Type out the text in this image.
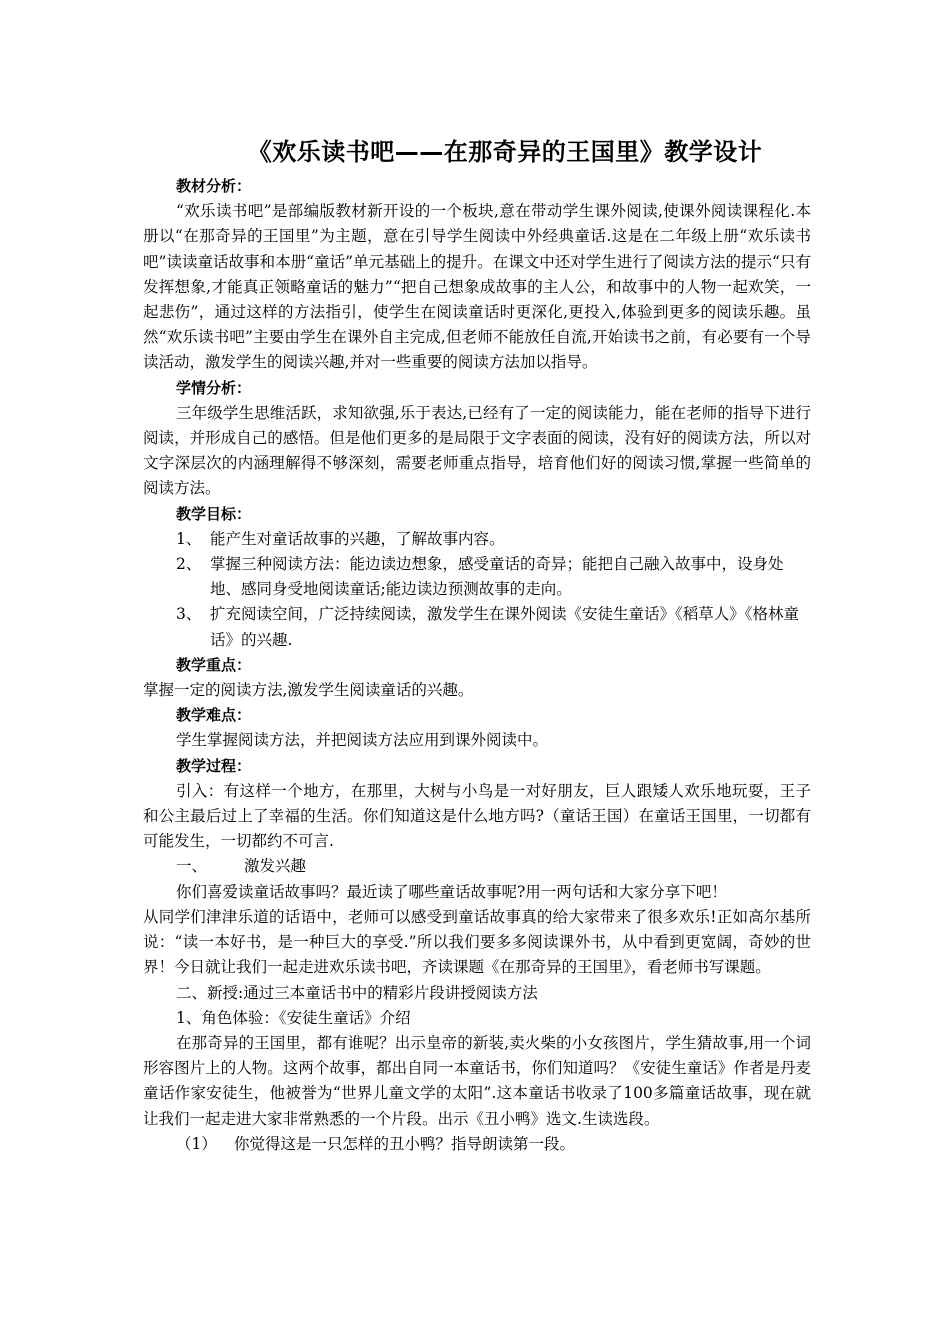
《欢乐读书吧——在那奇异的王国里》教学设计

教材分析：

“欢乐读书吧”是部编版教材新开设的一个板块,意在带动学生课外阅读,使课外阅读课程化.本册以“在那奇异的王国里”为主题，意在引导学生阅读中外经典童话.这是在二年级上册“欢乐读书吧”读读童话故事和本册“童话”单元基础上的提升。在课文中还对学生进行了阅读方法的提示“只有发挥想象,才能真正领略童话的魅力”“把自己想象成故事的主人公，和故事中的人物一起欢笑，一起悲伤”，通过这样的方法指引，使学生在阅读童话时更深化,更投入,体验到更多的阅读乐趣。虽然“欢乐读书吧”主要由学生在课外自主完成,但老师不能放任自流,开始读书之前，有必要有一个导读活动，激发学生的阅读兴趣,并对一些重要的阅读方法加以指导。

学情分析：

三年级学生思维活跃，求知欲强,乐于表达,已经有了一定的阅读能力，能在老师的指导下进行阅读，并形成自己的感悟。但是他们更多的是局限于文字表面的阅读，没有好的阅读方法，所以对文字深层次的内涵理解得不够深刻，需要老师重点指导，培育他们好的阅读习惯,掌握一些简单的阅读方法。

教学目标：

1、 能产生对童话故事的兴趣，了解故事内容。
2、 掌握三种阅读方法：能边读边想象，感受童话的奇异；能把自己融入故事中，设身处地、感同身受地阅读童话;能边读边预测故事的走向。
3、 扩充阅读空间，广泛持续阅读，激发学生在课外阅读《安徒生童话》《稻草人》《格林童话》的兴趣.

教学重点：

掌握一定的阅读方法,激发学生阅读童话的兴趣。

教学难点：

学生掌握阅读方法，并把阅读方法应用到课外阅读中。

教学过程：

引入：有这样一个地方，在那里，大树与小鸟是一对好朋友，巨人跟矮人欢乐地玩耍，王子和公主最后过上了幸福的生活。你们知道这是什么地方吗?（童话王国）在童话王国里，一切都有可能发生，一切都约不可言.

一、 激发兴趣

你们喜爱读童话故事吗？最近读了哪些童话故事呢?用一两句话和大家分享下吧！

从同学们津津乐道的话语中，老师可以感受到童话故事真的给大家带来了很多欢乐!正如高尔基所说：“读一本好书，是一种巨大的享受.”所以我们要多多阅读课外书，从中看到更宽阔，奇妙的世界！今日就让我们一起走进欢乐读书吧，齐读课题《在那奇异的王国里》，看老师书写课题。

二、新授:通过三本童话书中的精彩片段讲授阅读方法

1、角色体验：《安徒生童话》介绍

在那奇异的王国里，都有谁呢？出示皇帝的新装,卖火柴的小女孩图片，学生猜故事,用一个词形容图片上的人物。这两个故事，都出自同一本童话书，你们知道吗？《安徒生童话》作者是丹麦童话作家安徒生，他被誉为“世界儿童文学的太阳”.这本童话书收录了100多篇童话故事，现在就让我们一起走进大家非常熟悉的一个片段。出示《丑小鸭》选文.生读选段。

（1）	你觉得这是一只怎样的丑小鸭？指导朗读第一段。
